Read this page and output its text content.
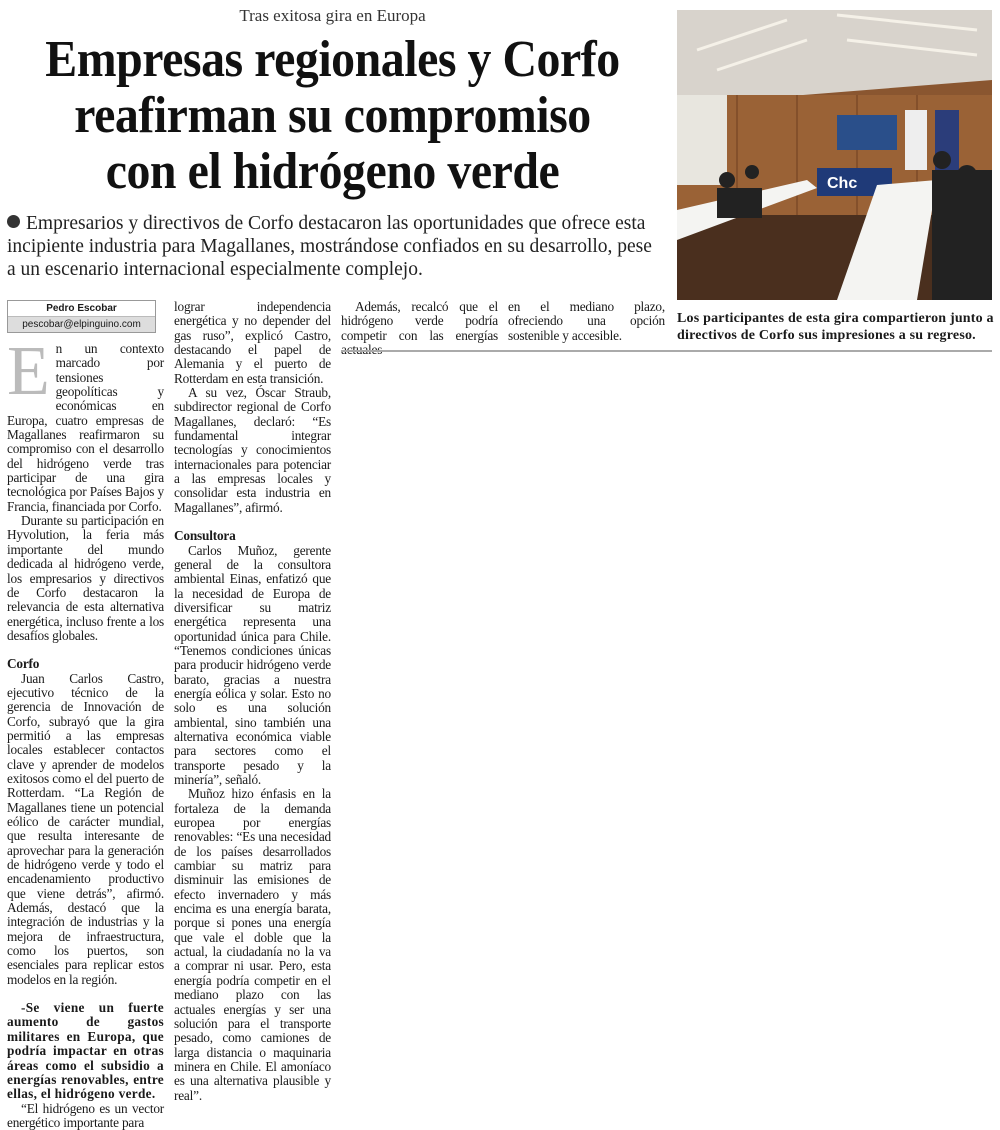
Tras exitosa gira en Europa
Empresas regionales y Corfo
reafirman su compromiso
con el hidrógeno verde
Empresarios y directivos de Corfo destacaron las oportunidades que ofrece esta incipiente industria para Magallanes, mostrándose confiados en su desarrollo, pese a un escenario internacional especialmente complejo.
Pedro Escobar
pescobar@elpinguino.com

En un contexto marcado por tensiones geopolíticas y económicas en Europa, cuatro empresas de Magallanes reafirmaron su compromiso con el desarrollo del hidrógeno verde tras participar de una gira tecnológica por Países Bajos y Francia, financiada por Corfo.

Durante su participación en Hyvolution, la feria más importante del mundo dedicada al hidrógeno verde, los empresarios y directivos de Corfo destacaron la relevancia de esta alternativa energética, incluso frente a los desafíos globales.

Corfo

Juan Carlos Castro, ejecutivo técnico de la gerencia de Innovación de Corfo, subrayó que la gira permitió a las empresas locales establecer contactos clave y aprender de modelos exitosos como el del puerto de Rotterdam. “La Región de Magallanes tiene un potencial eólico de carácter mundial, que resulta interesante de aprovechar para la generación de hidrógeno verde y todo el encadenamiento productivo que viene detrás”, afirmó. Además, destacó que la integración de industrias y la mejora de infraestructura, como los puertos, son esenciales para replicar estos modelos en la región.

-Se viene un fuerte aumento de gastos militares en Europa, que podría impactar en otras áreas como el subsidio a energías renovables, entre ellas, el hidrógeno verde.

“El hidrógeno es un vector energético importante para

lograr independencia energética y no depender del gas ruso”, explicó Castro, destacando el papel de Alemania y el puerto de Rotterdam en esta transición.

A su vez, Óscar Straub, subdirector regional de Corfo Magallanes, declaró: “Es fundamental integrar tecnologías y conocimientos internacionales para potenciar a las empresas locales y consolidar esta industria en Magallanes”, afirmó.

Consultora

Carlos Muñoz, gerente general de la consultora ambiental Einas, enfatizó que la necesidad de Europa de diversificar su matriz energética representa una oportunidad única para Chile. “Tenemos condiciones únicas para producir hidrógeno verde barato, gracias a nuestra energía eólica y solar. Esto no solo es una solución ambiental, sino también una alternativa económica viable para sectores como el transporte pesado y la minería”, señaló.

Muñoz hizo énfasis en la fortaleza de la demanda europea por energías renovables: “Es una necesidad de los países desarrollados cambiar su matriz para disminuir las emisiones de efecto invernadero y más encima es una energía barata, porque si pones una energía que vale el doble que la actual, la ciudadanía no la va a comprar ni usar. Pero, esta energía podría competir en el mediano plazo con las actuales energías y ser una solución para el transporte pesado, como camiones de larga distancia o maquinaria minera en Chile. El amoníaco es una alternativa plausible y real”.

Además, recalcó que el hidrógeno verde podría competir con las energías

en el mediano plazo, ofreciendo una opción sostenible y accesible.

Chc
Los participantes de esta gira compartieron junto a directivos de Corfo sus impresiones a su regreso.
